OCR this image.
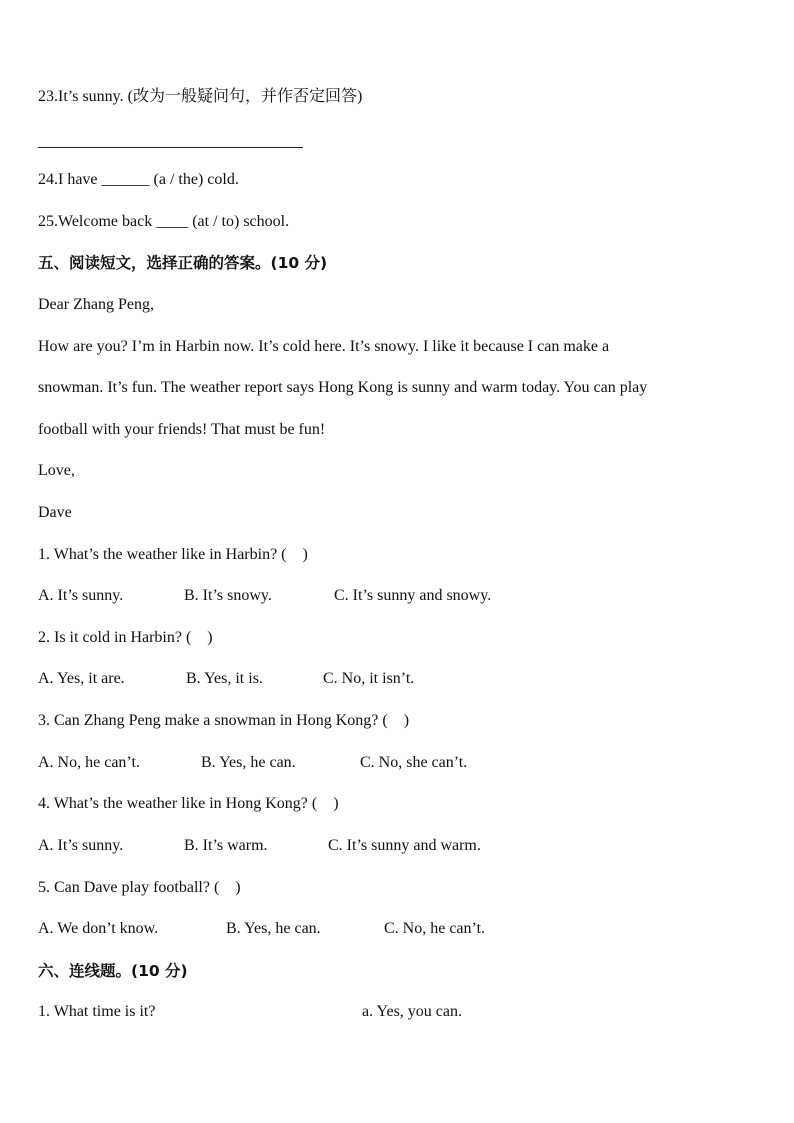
23.It’s sunny. (改为一般疑问句，并作否定回答)
24.I have ______ (a / the) cold.
25.Welcome back ____ (at / to) school.
五、阅读短文，选择正确的答案。(10 分)
Dear Zhang Peng,
How are you? I’m in Harbin now. It’s cold here. It’s snowy. I like it because I can make a
snowman. It’s fun. The weather report says Hong Kong is sunny and warm today. You can play
football with your friends! That must be fun!
Love,
Dave
1. What’s the weather like in Harbin? (　)
A. It’s sunny.	B. It’s snowy.	C. It’s sunny and snowy.
2. Is it cold in Harbin? (　)
A. Yes, it are.	B. Yes, it is.	C. No, it isn’t.
3. Can Zhang Peng make a snowman in Hong Kong? (　)
A. No, he can’t.	B. Yes, he can.	C. No, she can’t.
4. What’s the weather like in Hong Kong? (　)
A. It’s sunny.	B. It’s warm.	C. It’s sunny and warm.
5. Can Dave play football? (　)
A. We don’t know.	B. Yes, he can.	C. No, he can’t.
六、连线题。(10 分)
1. What time is it?	a. Yes, you can.
